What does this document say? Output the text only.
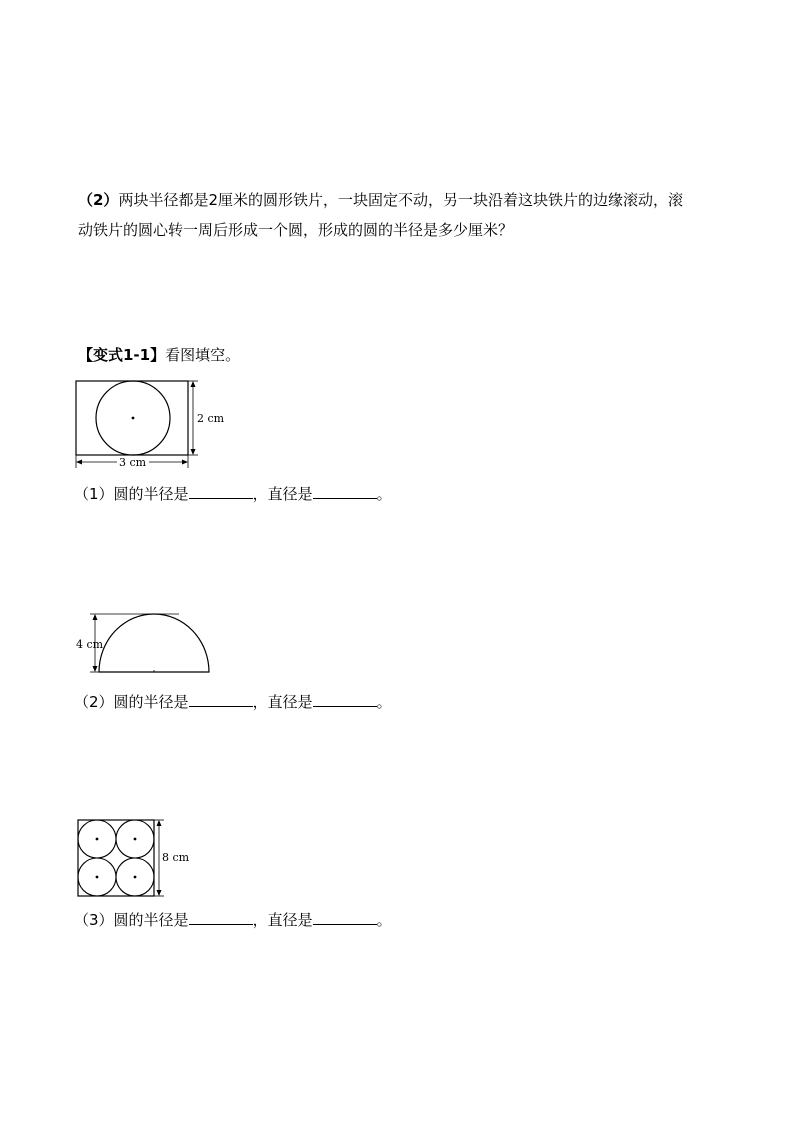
（2）两块半径都是2厘米的圆形铁片，一块固定不动，另一块沿着这块铁片的边缘滚动，滚
动铁片的圆心转一周后形成一个圆，形成的圆的半径是多少厘米？
【变式1-1】看图填空。
2 cm
3 cm
（1）圆的半径是	，直径是	。
4 cm
（2）圆的半径是	，直径是	。
8 cm
（3）圆的半径是	，直径是	。
